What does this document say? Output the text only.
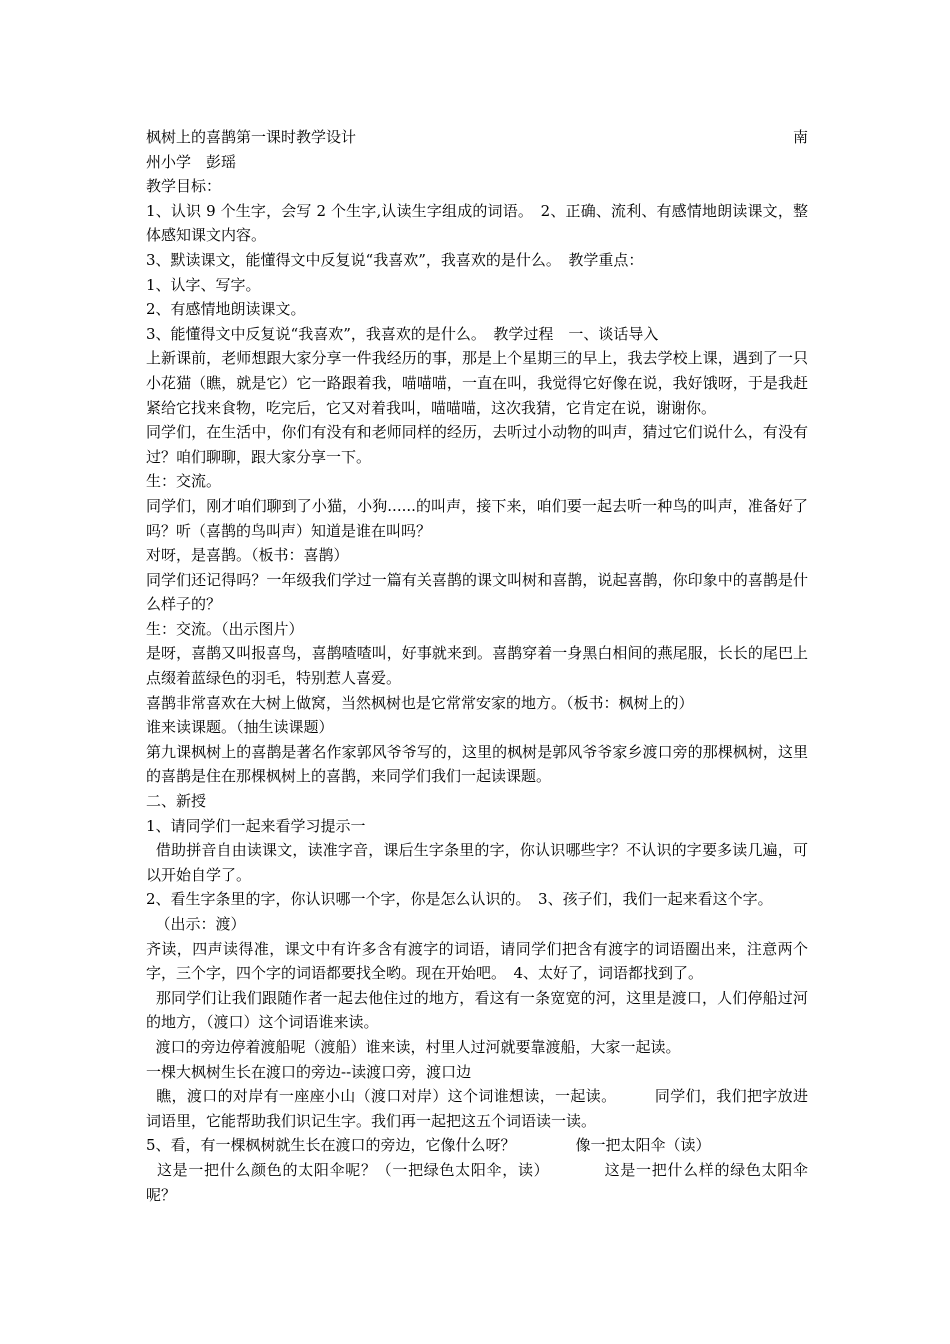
枫树上的喜鹊第一课时教学设计	南

州小学　彭瑶

教学目标：

1、认识 9 个生字，会写 2 个生字,认读生字组成的词语。　2、正确、流利、有感情地朗读课文，整体感知课文内容。

3、默读课文，能懂得文中反复说“我喜欢”，我喜欢的是什么。　教学重点：

1、认字、写字。

2、有感情地朗读课文。

3、能懂得文中反复说“我喜欢”，我喜欢的是什么。　教学过程　一、谈话导入

上新课前，老师想跟大家分享一件我经历的事，那是上个星期三的早上，我去学校上课，遇到了一只小花猫（瞧，就是它）它一路跟着我，喵喵喵，一直在叫，我觉得它好像在说，我好饿呀，于是我赶紧给它找来食物，吃完后，它又对着我叫，喵喵喵，这次我猜，它肯定在说，谢谢你。

同学们，在生活中，你们有没有和老师同样的经历，去听过小动物的叫声，猜过它们说什么，有没有过？咱们聊聊，跟大家分享一下。

生：交流。

同学们，刚才咱们聊到了小猫，小狗......的叫声，接下来，咱们要一起去听一种鸟的叫声，准备好了吗？听（喜鹊的鸟叫声）知道是谁在叫吗？

对呀，是喜鹊。（板书：喜鹊）

同学们还记得吗？一年级我们学过一篇有关喜鹊的课文叫树和喜鹊，说起喜鹊，你印象中的喜鹊是什么样子的？

生：交流。（出示图片）

是呀，喜鹊又叫报喜鸟，喜鹊喳喳叫，好事就来到。喜鹊穿着一身黑白相间的燕尾服，长长的尾巴上点缀着蓝绿色的羽毛，特别惹人喜爱。

喜鹊非常喜欢在大树上做窝，当然枫树也是它常常安家的地方。（板书：枫树上的）

谁来读课题。（抽生读课题）

第九课枫树上的喜鹊是著名作家郭风爷爷写的，这里的枫树是郭风爷爷家乡渡口旁的那棵枫树，这里的喜鹊是住在那棵枫树上的喜鹊，来同学们我们一起读课题。

二、新授

1、请同学们一起来看学习提示一

借助拼音自由读课文，读准字音，课后生字条里的字，你认识哪些字？不认识的字要多读几遍，可以开始自学了。

2、看生字条里的字，你认识哪一个字，你是怎么认识的。　3、孩子们，我们一起来看这个字。

（出示：渡）

齐读，四声读得准，课文中有许多含有渡字的词语，请同学们把含有渡字的词语圈出来，注意两个字，三个字，四个字的词语都要找全哟。现在开始吧。　4、太好了，词语都找到了。

那同学们让我们跟随作者一起去他住过的地方，看这有一条宽宽的河，这里是渡口，人们停船过河的地方，（渡口）这个词语谁来读。

渡口的旁边停着渡船呢（渡船）谁来读，村里人过河就要靠渡船，大家一起读。

一棵大枫树生长在渡口的旁边--读渡口旁，渡口边

瞧，渡口的对岸有一座座小山（渡口对岸）这个词谁想读，一起读。　　　同学们，我们把字放进词语里，它能帮助我们识记生字。我们再一起把这五个词语读一读。

5、看，有一棵枫树就生长在渡口的旁边，它像什么呀？　　　　像一把太阳伞（读）

这是一把什么颜色的太阳伞呢？（一把绿色太阳伞，读）　　　　这是一把什么样的绿色太阳伞呢？
